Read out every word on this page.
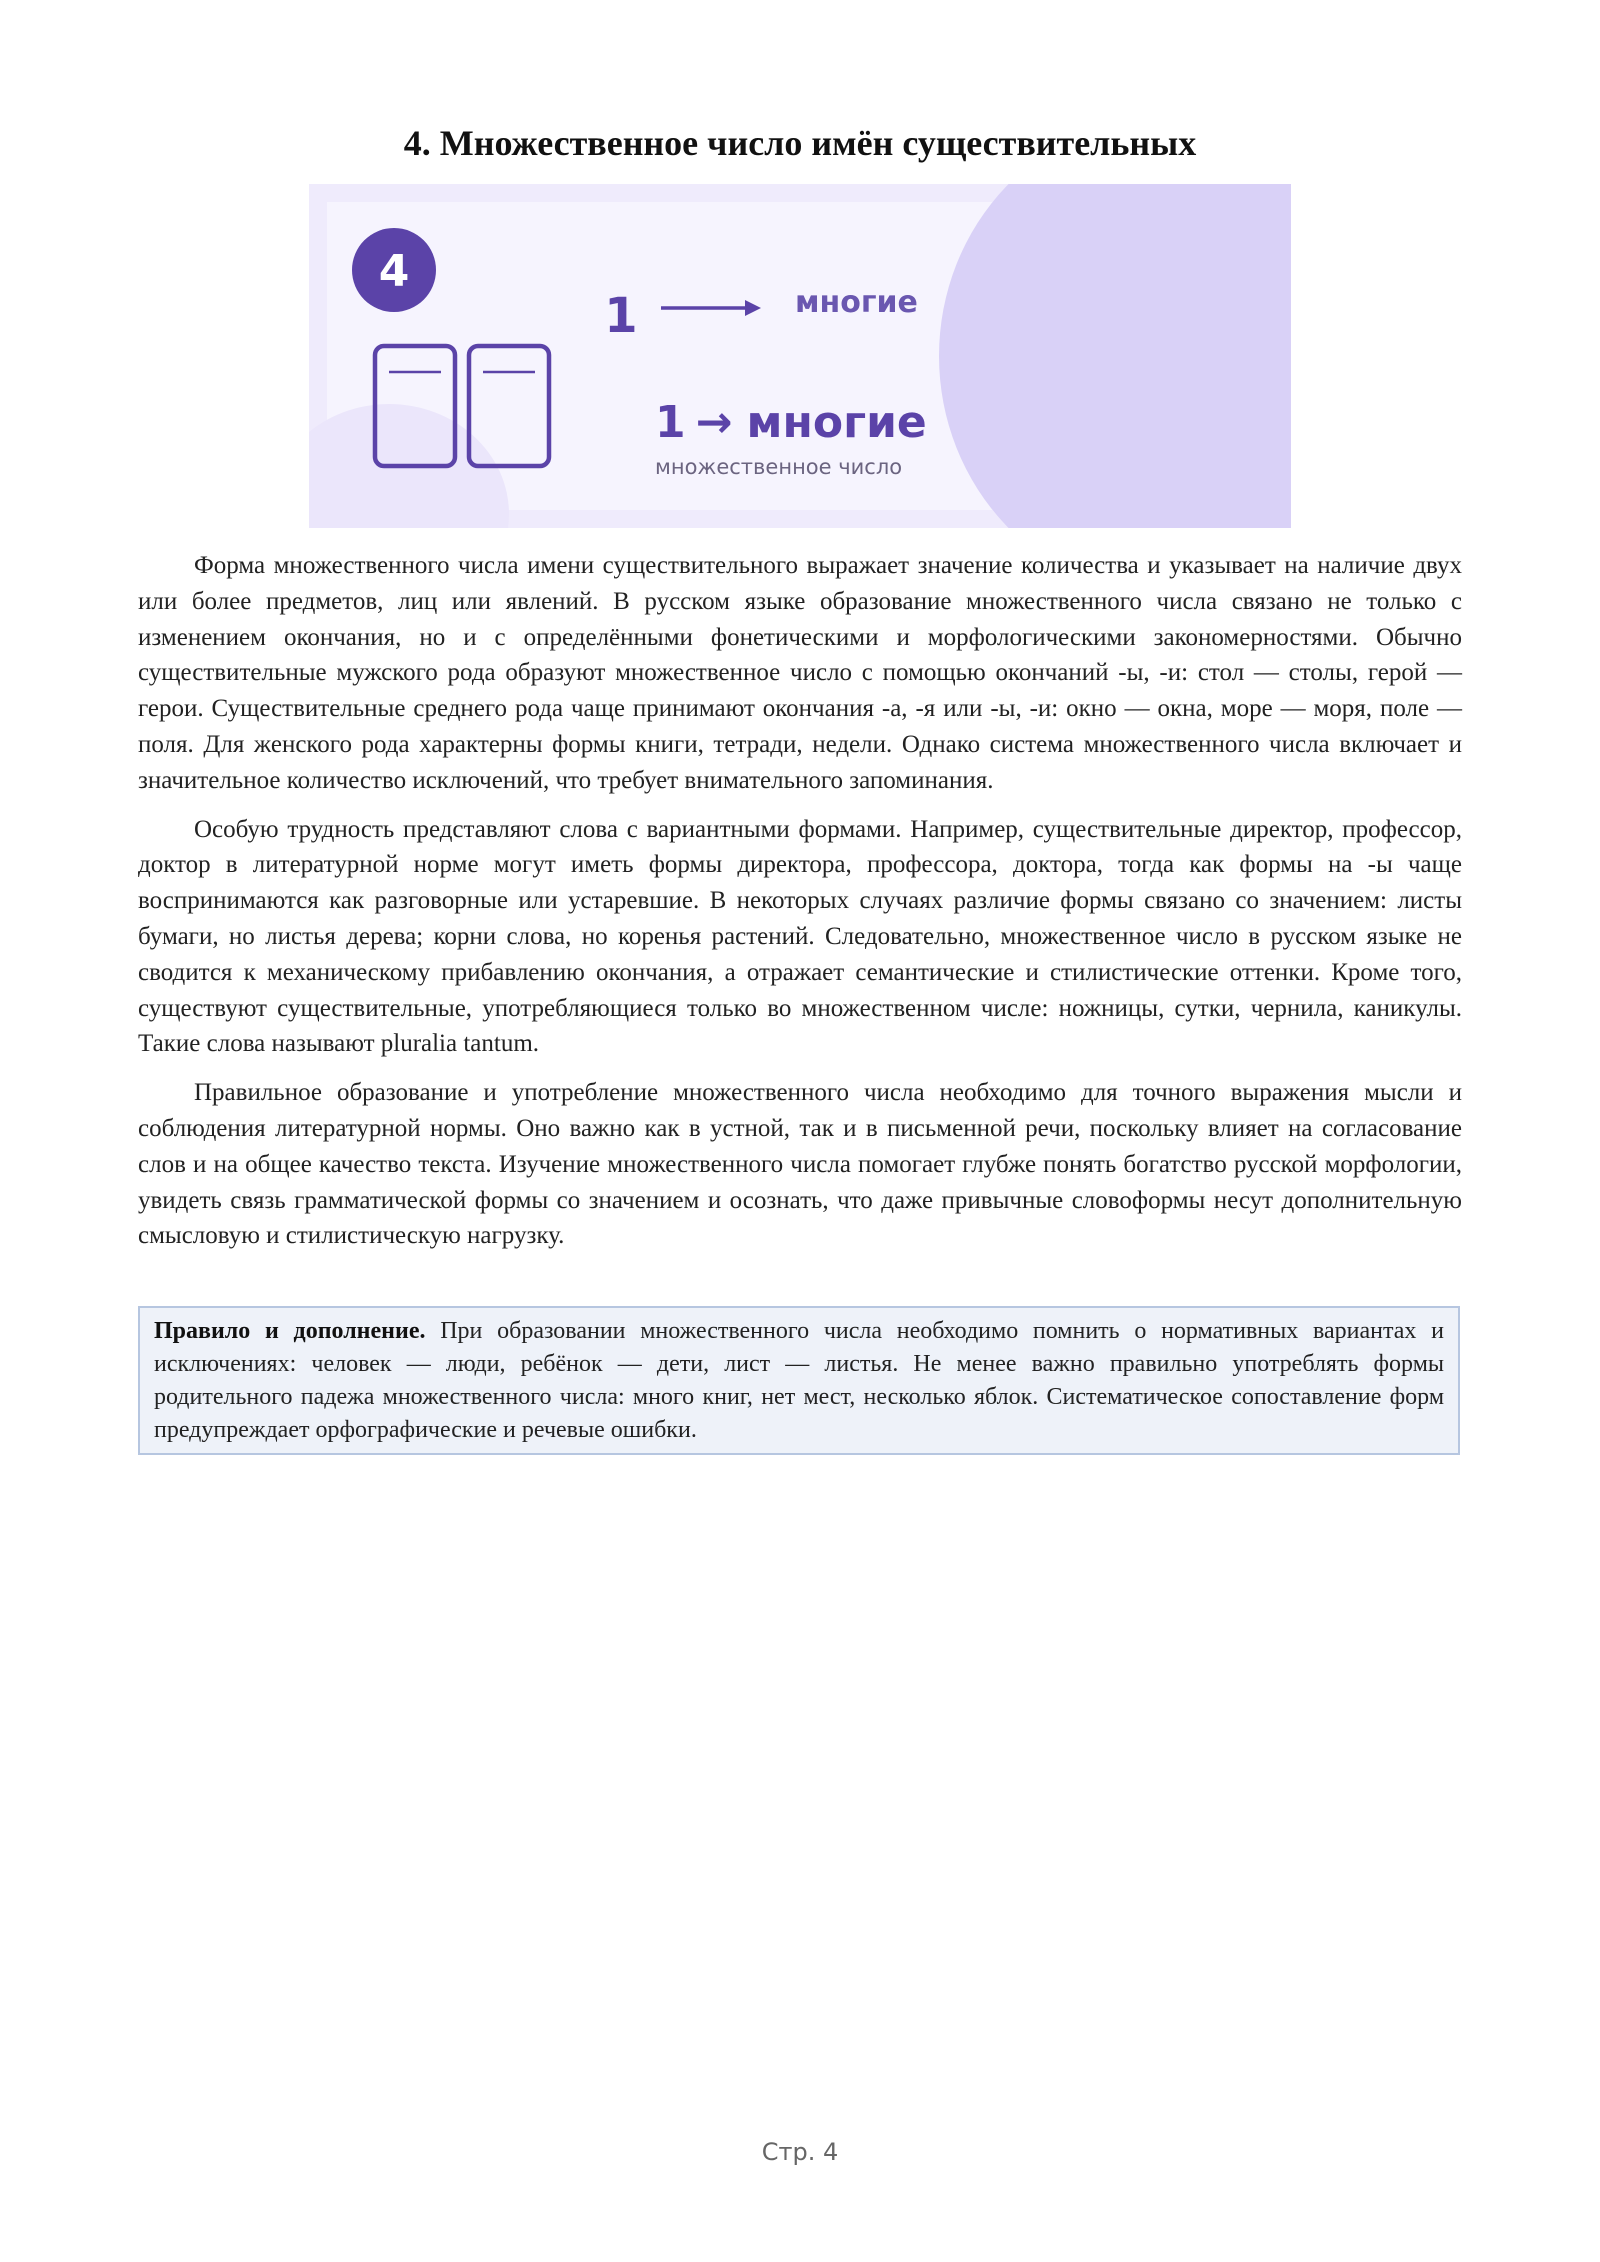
4. Множественное число имён существительных
4
1	многие
1 → многие
множественное число

Форма множественного числа имени существительного выражает значение количества и указывает на наличие двух или более предметов, лиц или явлений. В русском языке образование множественного числа связано не только с изменением окончания, но и с определёнными фонетическими и морфологическими закономерностями. Обычно существительные мужского рода образуют множественное число с помощью окончаний -ы, -и: стол — столы, герой — герои. Существительные среднего рода чаще принимают окончания -а, -я или -ы, -и: окно — окна, море — моря, поле — поля. Для женского рода характерны формы книги, тетради, недели. Однако система множественного числа включает и значительное количество исключений, что требует внимательного запоминания.

Особую трудность представляют слова с вариантными формами. Например, существительные директор, профессор, доктор в литературной норме могут иметь формы директора, профессора, доктора, тогда как формы на -ы чаще воспринимаются как разговорные или устаревшие. В некоторых случаях различие формы связано со значением: листы бумаги, но листья дерева; корни слова, но коренья растений. Следовательно, множественное число в русском языке не сводится к механическому прибавлению окончания, а отражает семантические и стилистические оттенки. Кроме того, существуют существительные, употребляющиеся только во множественном числе: ножницы, сутки, чернила, каникулы. Такие слова называют pluralia tantum.

Правильное образование и употребление множественного числа необходимо для точного выражения мысли и соблюдения литературной нормы. Оно важно как в устной, так и в письменной речи, поскольку влияет на согласование слов и на общее качество текста. Изучение множественного числа помогает глубже понять богатство русской морфологии, увидеть связь грамматической формы со значением и осознать, что даже привычные словоформы несут дополнительную смысловую и стилистическую нагрузку.

Правило и дополнение. При образовании множественного числа необходимо помнить о нормативных вариантах и исключениях: человек — люди, ребёнок — дети, лист — листья. Не менее важно правильно употреблять формы родительного падежа множественного числа: много книг, нет мест, несколько яблок. Систематическое сопоставление форм предупреждает орфографические и речевые ошибки.
Стр. 4
